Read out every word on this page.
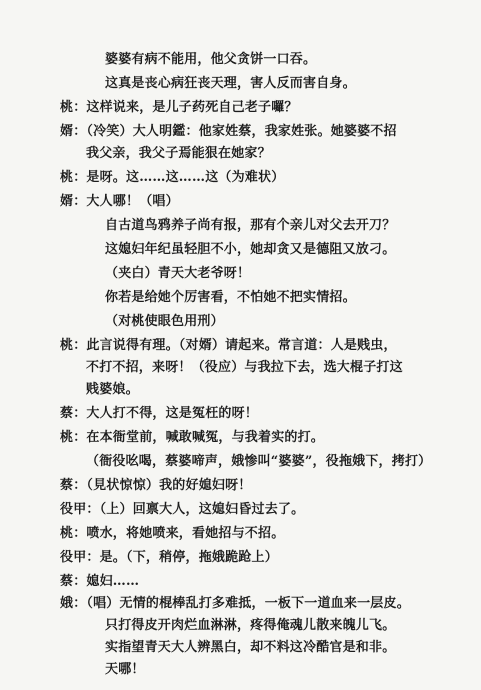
婆婆有病不能用，他父贪饼一口吞。
这真是丧心病狂丧天理，害人反而害自身。
桃：这样说来，是儿子药死自己老子囉？
婿：（冷笑）大人明鑑：他家姓蔡，我家姓张。她婆婆不招
我父亲，我父子焉能狠在她家？
桃：是呀。这……这……这（为难状）
婿：大人哪！（唱）
自古道鸟鸦养子尚有报，那有个亲儿对父去开刀？
这媳妇年纪虽轻胆不小，她却贪又是德阻又放刁。
（夹白）青天大老爷呀！
你若是给她个厉害看，不怕她不把实情招。
（对桃使眼色用刑）
桃：此言说得有理。（对婿）请起来。常言道：人是贱虫，
不打不招，来呀！（役应）与我拉下去，选大棍子打这
贱婆娘。
蔡：大人打不得，这是冤枉的呀！
桃：在本衙堂前，喊敢喊冤，与我着实的打。
（衙役吆喝，蔡婆啼声，娥惨叫“婆婆”，役拖娥下，拷打）
蔡：（見状惊惊）我的好媳妇呀！
役甲：（上）回禀大人，这媳妇昏过去了。
桃：喷水，将她喷来，看她招与不招。
役甲：是。（下，稍停，拖娥跪跄上）
蔡：媳妇……
娥：（唱）无情的棍棒乱打多难抵，一板下一道血来一层皮。
只打得皮开肉烂血淋淋，疼得俺魂儿散来魄儿飞。
实指望青天大人辨黑白，却不料这冷酷官是和非。
天哪！
